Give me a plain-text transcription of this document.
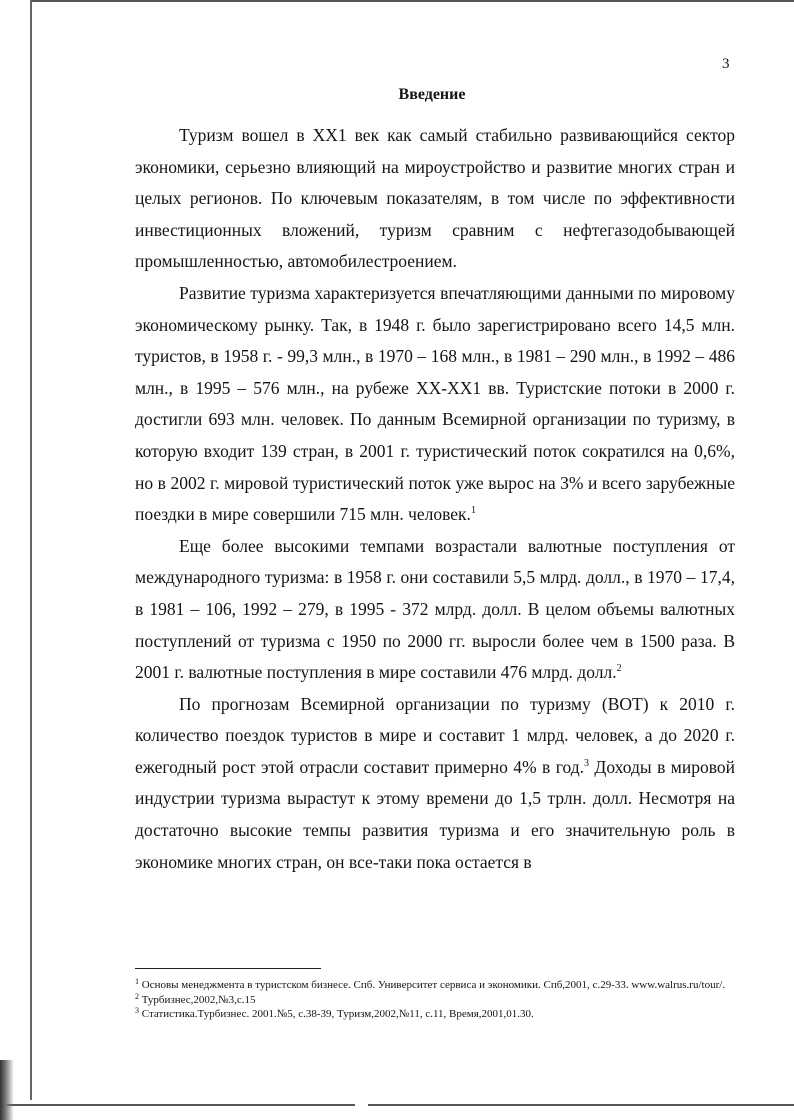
3
Введение

Туризм вошел в XX1 век как самый стабильно развивающийся сектор экономики, серьезно влияющий на мироустройство и развитие многих стран и целых регионов. По ключевым показателям, в том числе по эффективности инвестиционных вложений, туризм сравним с нефтегазодобывающей промышленностью, автомобилестроением.

Развитие туризма характеризуется впечатляющими данными по мировому экономическому рынку. Так, в 1948 г. было зарегистрировано всего 14,5 млн. туристов, в 1958 г. - 99,3 млн., в 1970 – 168 млн., в 1981 – 290 млн., в 1992 – 486 млн., в 1995 – 576 млн., на рубеже XX-XX1 вв. Туристские потоки в 2000 г. достигли 693 млн. человек. По данным Всемирной организации по туризму, в которую входит 139 стран, в 2001 г. туристический поток сократился на 0,6%, но в 2002 г. мировой туристический поток уже вырос на 3% и всего зарубежные поездки в мире совершили 715 млн. человек.$^1$

Еще более высокими темпами возрастали валютные поступления от международного туризма: в 1958 г. они составили 5,5 млрд. долл., в 1970 – 17,4, в 1981 – 106, 1992 – 279, в 1995 - 372 млрд. долл. В целом объемы валютных поступлений от туризма с 1950 по 2000 гг. выросли более чем в 1500 раза. В 2001 г. валютные поступления в мире составили 476 млрд. долл.$^2$

По прогнозам Всемирной организации по туризму (ВОТ) к 2010 г. количество поездок туристов в мире и составит 1 млрд. человек, а до 2020 г. ежегодный рост этой отрасли составит примерно 4% в год.$^3$ Доходы в мировой индустрии туризма вырастут к этому времени до 1,5 трлн. долл. Несмотря на достаточно высокие темпы развития туризма и его значительную роль в экономике многих стран, он все-таки пока остается в

$^1$ Основы менеджмента в туристском бизнесе. Спб. Университет сервиса и экономики. Спб,2001, с.29-33. www.walrus.ru/tour/.

$^2$ Турбизнес,2002,№3,с.15

$^3$ Статистика.Турбизнес. 2001.№5, с.38-39, Туризм,2002,№11, с.11, Время,2001,01.30.
